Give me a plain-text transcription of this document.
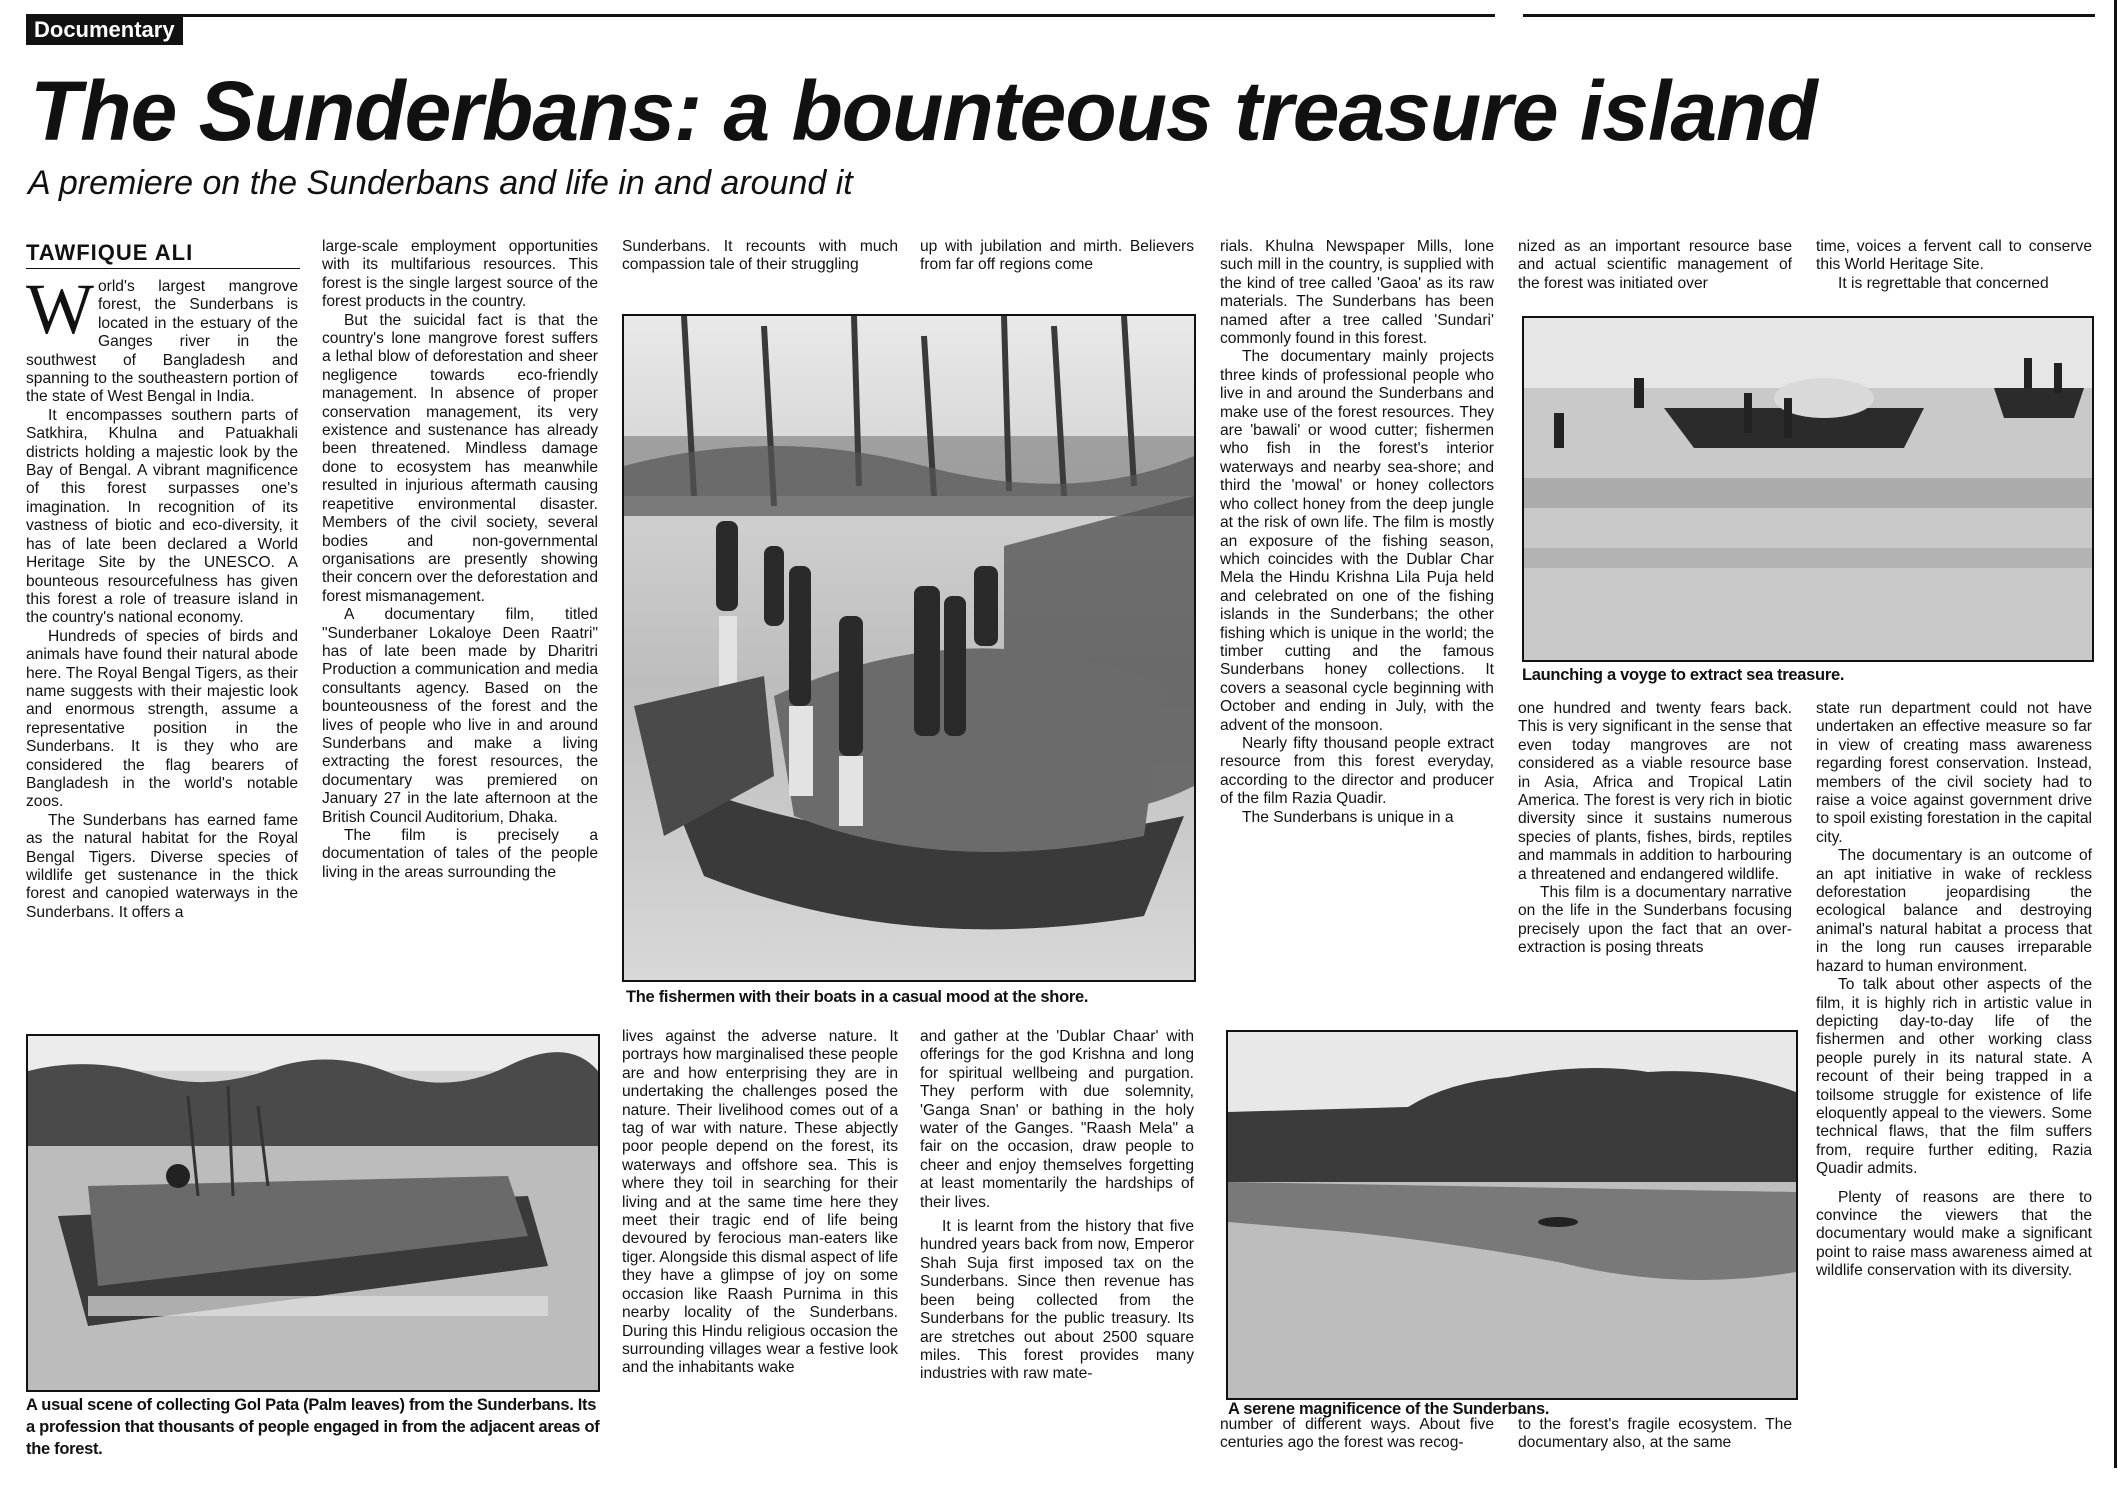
Documentary
The Sunderbans: a bounteous treasure island
A premiere on the Sunderbans and life in and around it
TAWFIQUE ALI
W orld's largest mangrove forest, the Sunderbans is located in the estuary of the Ganges river in the southwest of Bangladesh and spanning to the southeastern portion of the state of West Bengal in India.

It encompasses southern parts of Satkhira, Khulna and Patuakhali districts holding a majestic look by the Bay of Bengal. A vibrant magnificence of this forest surpasses one's imagination. In recognition of its vastness of biotic and eco-diversity, it has of late been declared a World Heritage Site by the UNESCO. A bounteous resourcefulness has given this forest a role of treasure island in the country's national economy.

Hundreds of species of birds and animals have found their natural abode here. The Royal Bengal Tigers, as their name suggests with their majestic look and enormous strength, assume a representative position in the Sunderbans. It is they who are considered the flag bearers of Bangladesh in the world's notable zoos.

The Sunderbans has earned fame as the natural habitat for the Royal Bengal Tigers. Diverse species of wildlife get sustenance in the thick forest and canopied waterways in the Sunderbans. It offers a

large-scale employment opportunities with its multifarious resources. This forest is the single largest source of the forest products in the country.

But the suicidal fact is that the country's lone mangrove forest suffers a lethal blow of deforestation and sheer negligence towards eco-friendly management. In absence of proper conservation management, its very existence and sustenance has already been threatened. Mindless damage done to ecosystem has meanwhile resulted in injurious aftermath causing reapetitive environmental disaster. Members of the civil society, several bodies and non-governmental organisations are presently showing their concern over the deforestation and forest mismanagement.

A documentary film, titled "Sunderbaner Lokaloye Deen Raatri" has of late been made by Dharitri Production a communication and media consultants agency. Based on the bounteousness of the forest and the lives of people who live in and around Sunderbans and make a living extracting the forest resources, the documentary was premiered on January 27 in the late afternoon at the British Council Auditorium, Dhaka.

The film is precisely a documentation of tales of the people living in the areas surrounding the

Sunderbans. It recounts with much compassion tale of their struggling

up with jubilation and mirth. Believers from far off regions come

The fishermen with their boats in a casual mood at the shore.

rials. Khulna Newspaper Mills, lone such mill in the country, is supplied with the kind of tree called 'Gaoa' as its raw materials. The Sunderbans has been named after a tree called 'Sundari' commonly found in this forest.

The documentary mainly projects three kinds of professional people who live in and around the Sunderbans and make use of the forest resources. They are 'bawali' or wood cutter; fishermen who fish in the forest's interior waterways and nearby sea-shore; and third the 'mowal' or honey collectors who collect honey from the deep jungle at the risk of own life. The film is mostly an exposure of the fishing season, which coincides with the Dublar Char Mela the Hindu Krishna Lila Puja held and celebrated on one of the fishing islands in the Sunderbans; the other fishing which is unique in the world; the timber cutting and the famous Sunderbans honey collections. It covers a seasonal cycle beginning with October and ending in July, with the advent of the monsoon.

Nearly fifty thousand people extract resource from this forest everyday, according to the director and producer of the film Razia Quadir.

The Sunderbans is unique in a

nized as an important resource base and actual scientific management of the forest was initiated over

time, voices a fervent call to conserve this World Heritage Site.

It is regrettable that concerned

Launching a voyge to extract sea treasure.

one hundred and twenty fears back. This is very significant in the sense that even today mangroves are not considered as a viable resource base in Asia, Africa and Tropical Latin America. The forest is very rich in biotic diversity since it sustains numerous species of plants, fishes, birds, reptiles and mammals in addition to harbouring a threatened and endangered wildlife.

This film is a documentary narrative on the life in the Sunderbans focusing precisely upon the fact that an over-extraction is posing threats

state run department could not have undertaken an effective measure so far in view of creating mass awareness regarding forest conservation. Instead, members of the civil society had to raise a voice against government drive to spoil existing forestation in the capital city.

The documentary is an outcome of an apt initiative in wake of reckless deforestation jeopardising the ecological balance and destroying animal's natural habitat a process that in the long run causes irreparable hazard to human environment.

To talk about other aspects of the film, it is highly rich in artistic value in depicting day-to-day life of the fishermen and other working class people purely in its natural state. A recount of their being trapped in a toilsome struggle for existence of life eloquently appeal to the viewers. Some technical flaws, that the film suffers from, require further editing, Razia Quadir admits.

Plenty of reasons are there to convince the viewers that the documentary would make a significant point to raise mass awareness aimed at wildlife conservation with its diversity.

A usual scene of collecting Gol Pata (Palm leaves) from the Sunderbans. Its a profession that thousants of people engaged in from the adjacent areas of the forest.

lives against the adverse nature. It portrays how marginalised these people are and how enterprising they are in undertaking the challenges posed the nature. Their livelihood comes out of a tag of war with nature. These abjectly poor people depend on the forest, its waterways and offshore sea. This is where they toil in searching for their living and at the same time here they meet their tragic end of life being devoured by ferocious man-eaters like tiger. Alongside this dismal aspect of life they have a glimpse of joy on some occasion like Raash Purnima in this nearby locality of the Sunderbans. During this Hindu religious occasion the surrounding villages wear a festive look and the inhabitants wake

and gather at the 'Dublar Chaar' with offerings for the god Krishna and long for spiritual wellbeing and purgation. They perform with due solemnity, 'Ganga Snan' or bathing in the holy water of the Ganges. "Raash Mela" a fair on the occasion, draw people to cheer and enjoy themselves forgetting at least momentarily the hardships of their lives.

It is learnt from the history that five hundred years back from now, Emperor Shah Suja first imposed tax on the Sunderbans. Since then revenue has been being collected from the Sunderbans for the public treasury. Its are stretches out about 2500 square miles. This forest provides many industries with raw mate-

A serene magnificence of the Sunderbans.

number of different ways. About five centuries ago the forest was recog-

to the forest's fragile ecosystem. The documentary also, at the same
